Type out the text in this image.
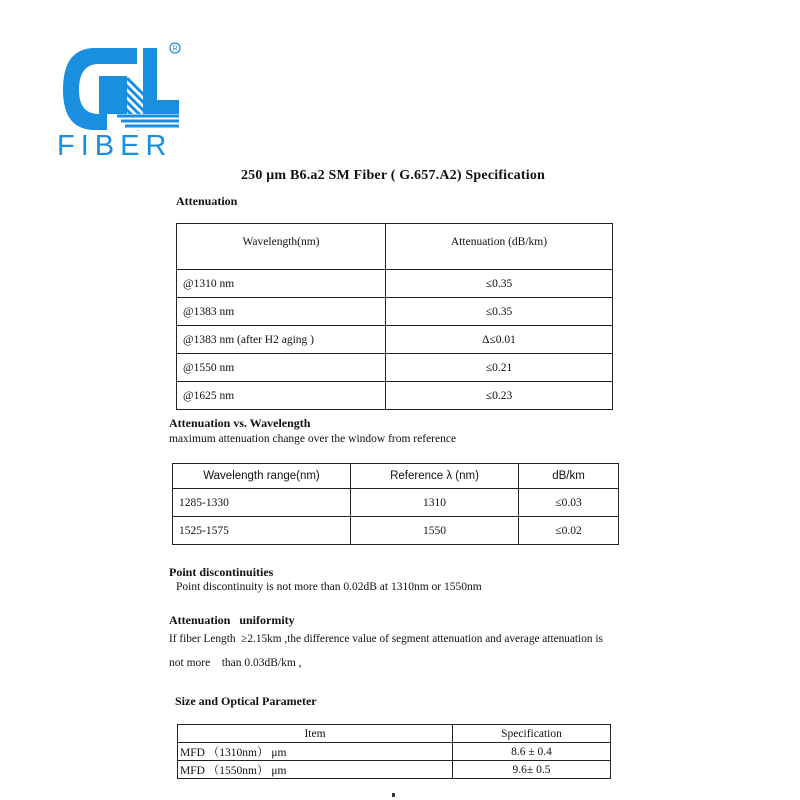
R
FIBER
250 μm B6.a2 SM Fiber ( G.657.A2) Specification
Attenuation
Wavelength(nm)	Attenuation (dB/km)
@1310 nm	≤0.35
@1383 nm	≤0.35
@1383 nm (after H2 aging )	Δ≤0.01
@1550 nm	≤0.21
@1625 nm	≤0.23
Attenuation vs. Wavelength
maximum attenuation change over the window from reference
Wavelength range(nm)	Reference λ (nm)	dB/km
1285-1330	1310	≤0.03
1525-1575	1550	≤0.02
Point discontinuities
Point discontinuity is not more than 0.02dB at 1310nm or 1550nm
Attenuation   uniformity
If fiber Length  ≥2.15km ,the difference value of segment attenuation and average attenuation is
not more    than 0.03dB/km ,
Size and Optical Parameter
Item	Specification
MFD （1310nm） μm	8.6 ± 0.4
MFD （1550nm） μm	9.6± 0.5
